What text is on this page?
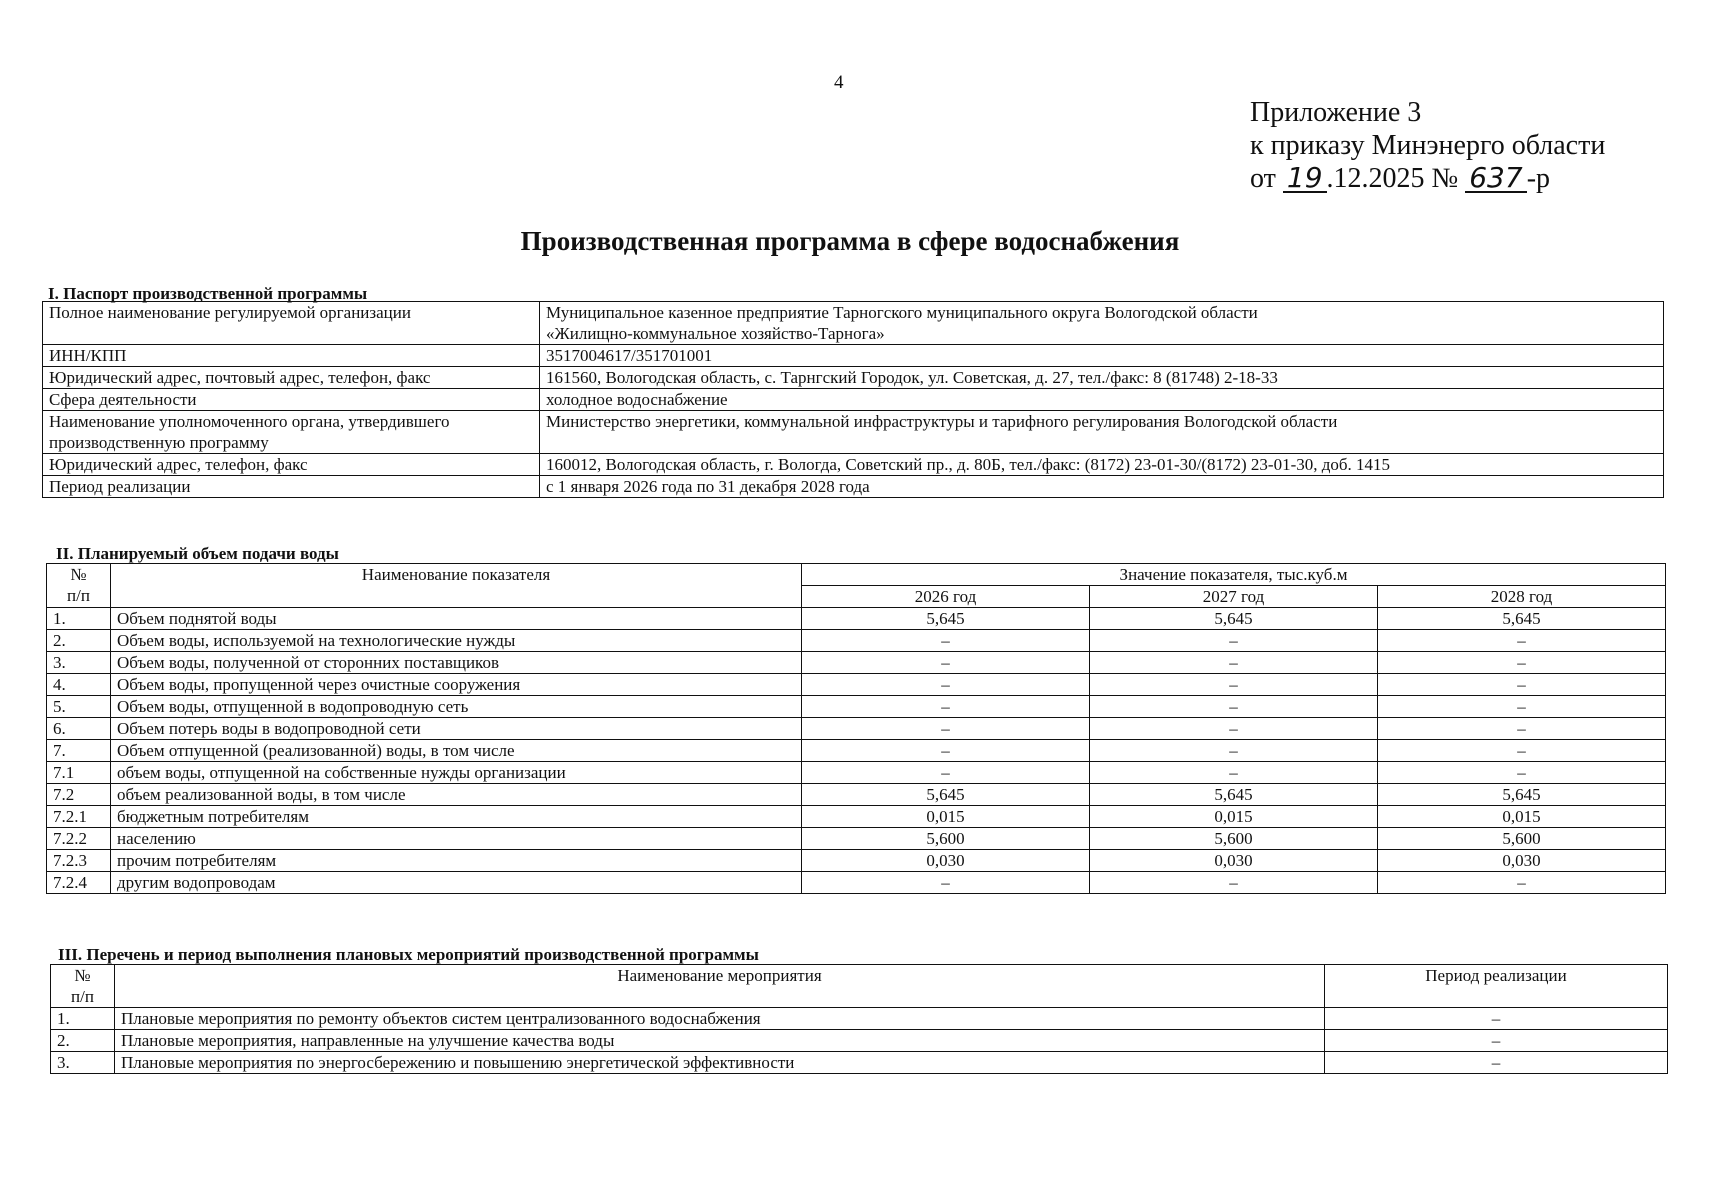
4
Приложение 3
к приказу Минэнерго области
от 19 .12.2025 № 637 -р
Производственная программа в сфере водоснабжения
I. Паспорт производственной программы
Полное наименование регулируемой организации	Муниципальное казенное предприятие Тарногского муниципального округа Вологодской области
«Жилищно-коммунальное хозяйство-Тарнога»

ИНН/КПП	3517004617/351701001

Юридический адрес, почтовый адрес, телефон, факс	161560, Вологодская область, с. Тарнгский Городок, ул. Советская, д. 27, тел./факс: 8 (81748) 2-18-33

Сфера деятельности	холодное водоснабжение

Наименование уполномоченного органа, утвердившего
производственную программу	Министерство энергетики, коммунальной инфраструктуры и тарифного регулирования Вологодской области

Юридический адрес, телефон, факс	160012, Вологодская область, г. Вологда, Советский пр., д. 80Б, тел./факс: (8172) 23-01-30/(8172) 23-01-30, доб. 1415

Период реализации	с 1 января 2026 года по 31 декабря 2028 года
II. Планируемый объем подачи воды
№
п/п	Наименование показателя	Значение показателя, тыс.куб.м		
		2026 год	2027 год	2028 год
1.	Объем поднятой воды	5,645	5,645	5,645
2.	Объем воды, используемой на технологические нужды	–	–	–
3.	Объем воды, полученной от сторонних поставщиков	–	–	–
4.	Объем воды, пропущенной через очистные сооружения	–	–	–
5.	Объем воды, отпущенной в водопроводную сеть	–	–	–
6.	Объем потерь воды в водопроводной сети	–	–	–
7.	Объем отпущенной (реализованной) воды, в том числе	–	–	–
7.1	объем воды, отпущенной на собственные нужды организации	–	–	–
7.2	объем реализованной воды, в том числе	5,645	5,645	5,645
7.2.1	бюджетным потребителям	0,015	0,015	0,015
7.2.2	населению	5,600	5,600	5,600
7.2.3	прочим потребителям	0,030	0,030	0,030
7.2.4	другим водопроводам	–	–	–
III. Перечень и период выполнения плановых мероприятий производственной программы
№
п/п	Наименование мероприятия	Период реализации
1.	Плановые мероприятия по ремонту объектов систем централизованного водоснабжения	–
2.	Плановые мероприятия, направленные на улучшение качества воды	–
3.	Плановые мероприятия по энергосбережению и повышению энергетической эффективности	–
